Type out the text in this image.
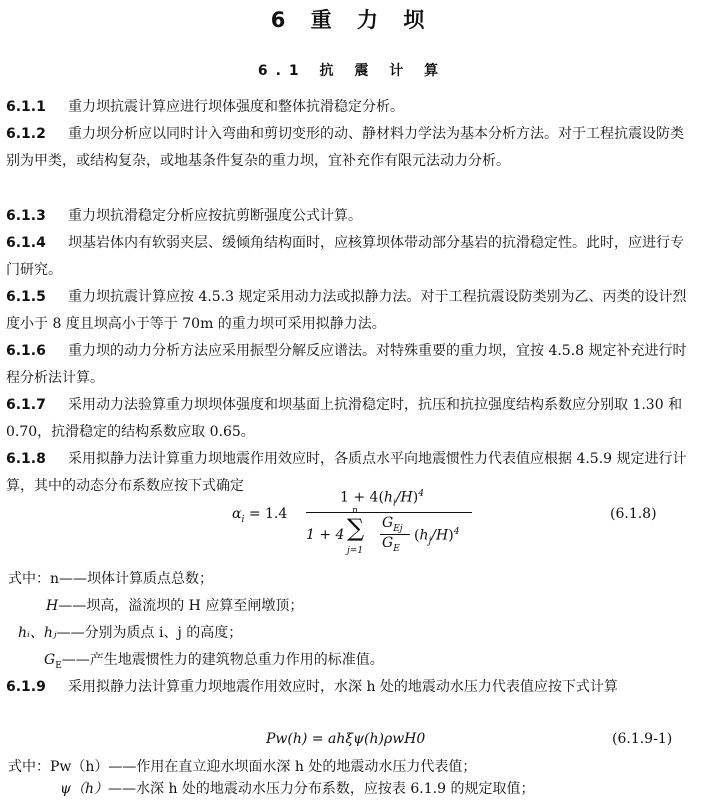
6 重 力 坝
6.1 抗 震 计 算
6.1.1 重力坝抗震计算应进行坝体强度和整体抗滑稳定分析。
6.1.2 重力坝分析应以同时计入弯曲和剪切变形的动、静材料力学法为基本分析方法。对于工程抗震设防类别为甲类，或结构复杂，或地基条件复杂的重力坝，宜补充作有限元法动力分析。
6.1.3 重力坝抗滑稳定分析应按抗剪断强度公式计算。
6.1.4 坝基岩体内有软弱夹层、缓倾角结构面时，应核算坝体带动部分基岩的抗滑稳定性。此时，应进行专门研究。
6.1.5 重力坝抗震计算应按 4.5.3 规定采用动力法或拟静力法。对于工程抗震设防类别为乙、丙类的设计烈度小于 8 度且坝高小于等于 70m 的重力坝可采用拟静力法。
6.1.6 重力坝的动力分析方法应采用振型分解反应谱法。对特殊重要的重力坝，宜按 4.5.8 规定补充进行时程分析法计算。
6.1.7 采用动力法验算重力坝坝体强度和坝基面上抗滑稳定时，抗压和抗拉强度结构系数应分别取 1.30 和 0.70，抗滑稳定的结构系数应取 0.65。
6.1.8 采用拟静力法计算重力坝地震作用效应时，各质点水平向地震惯性力代表值应根据 4.5.9 规定进行计算，其中的动态分布系数应按下式确定
$\alpha_i = 1.4$
$1 + 4(h_i/H)^4$
1 + 4
n
∑
j=1
$G_{Ej}$
$G_E$
$(h_j/H)^4$
(6.1.8)
式中：n——坝体计算质点总数；
H——坝高，溢流坝的 H 应算至闸墩顶；
hᵢ、hⱼ——分别为质点 i、j 的高度；
$G_E——$产生地震惯性力的建筑物总重力作用的标准值。
6.1.9 采用拟静力法计算重力坝地震作用效应时，水深 h 处的地震动水压力代表值应按下式计算
Pw(h) = ahξψ(h)ρwH0	(6.1.9-1)
式中：Pw（h）——作用在直立迎水坝面水深 h 处的地震动水压力代表值；
ψ（h）——水深 h 处的地震动水压力分布系数，应按表 6.1.9 的规定取值；
